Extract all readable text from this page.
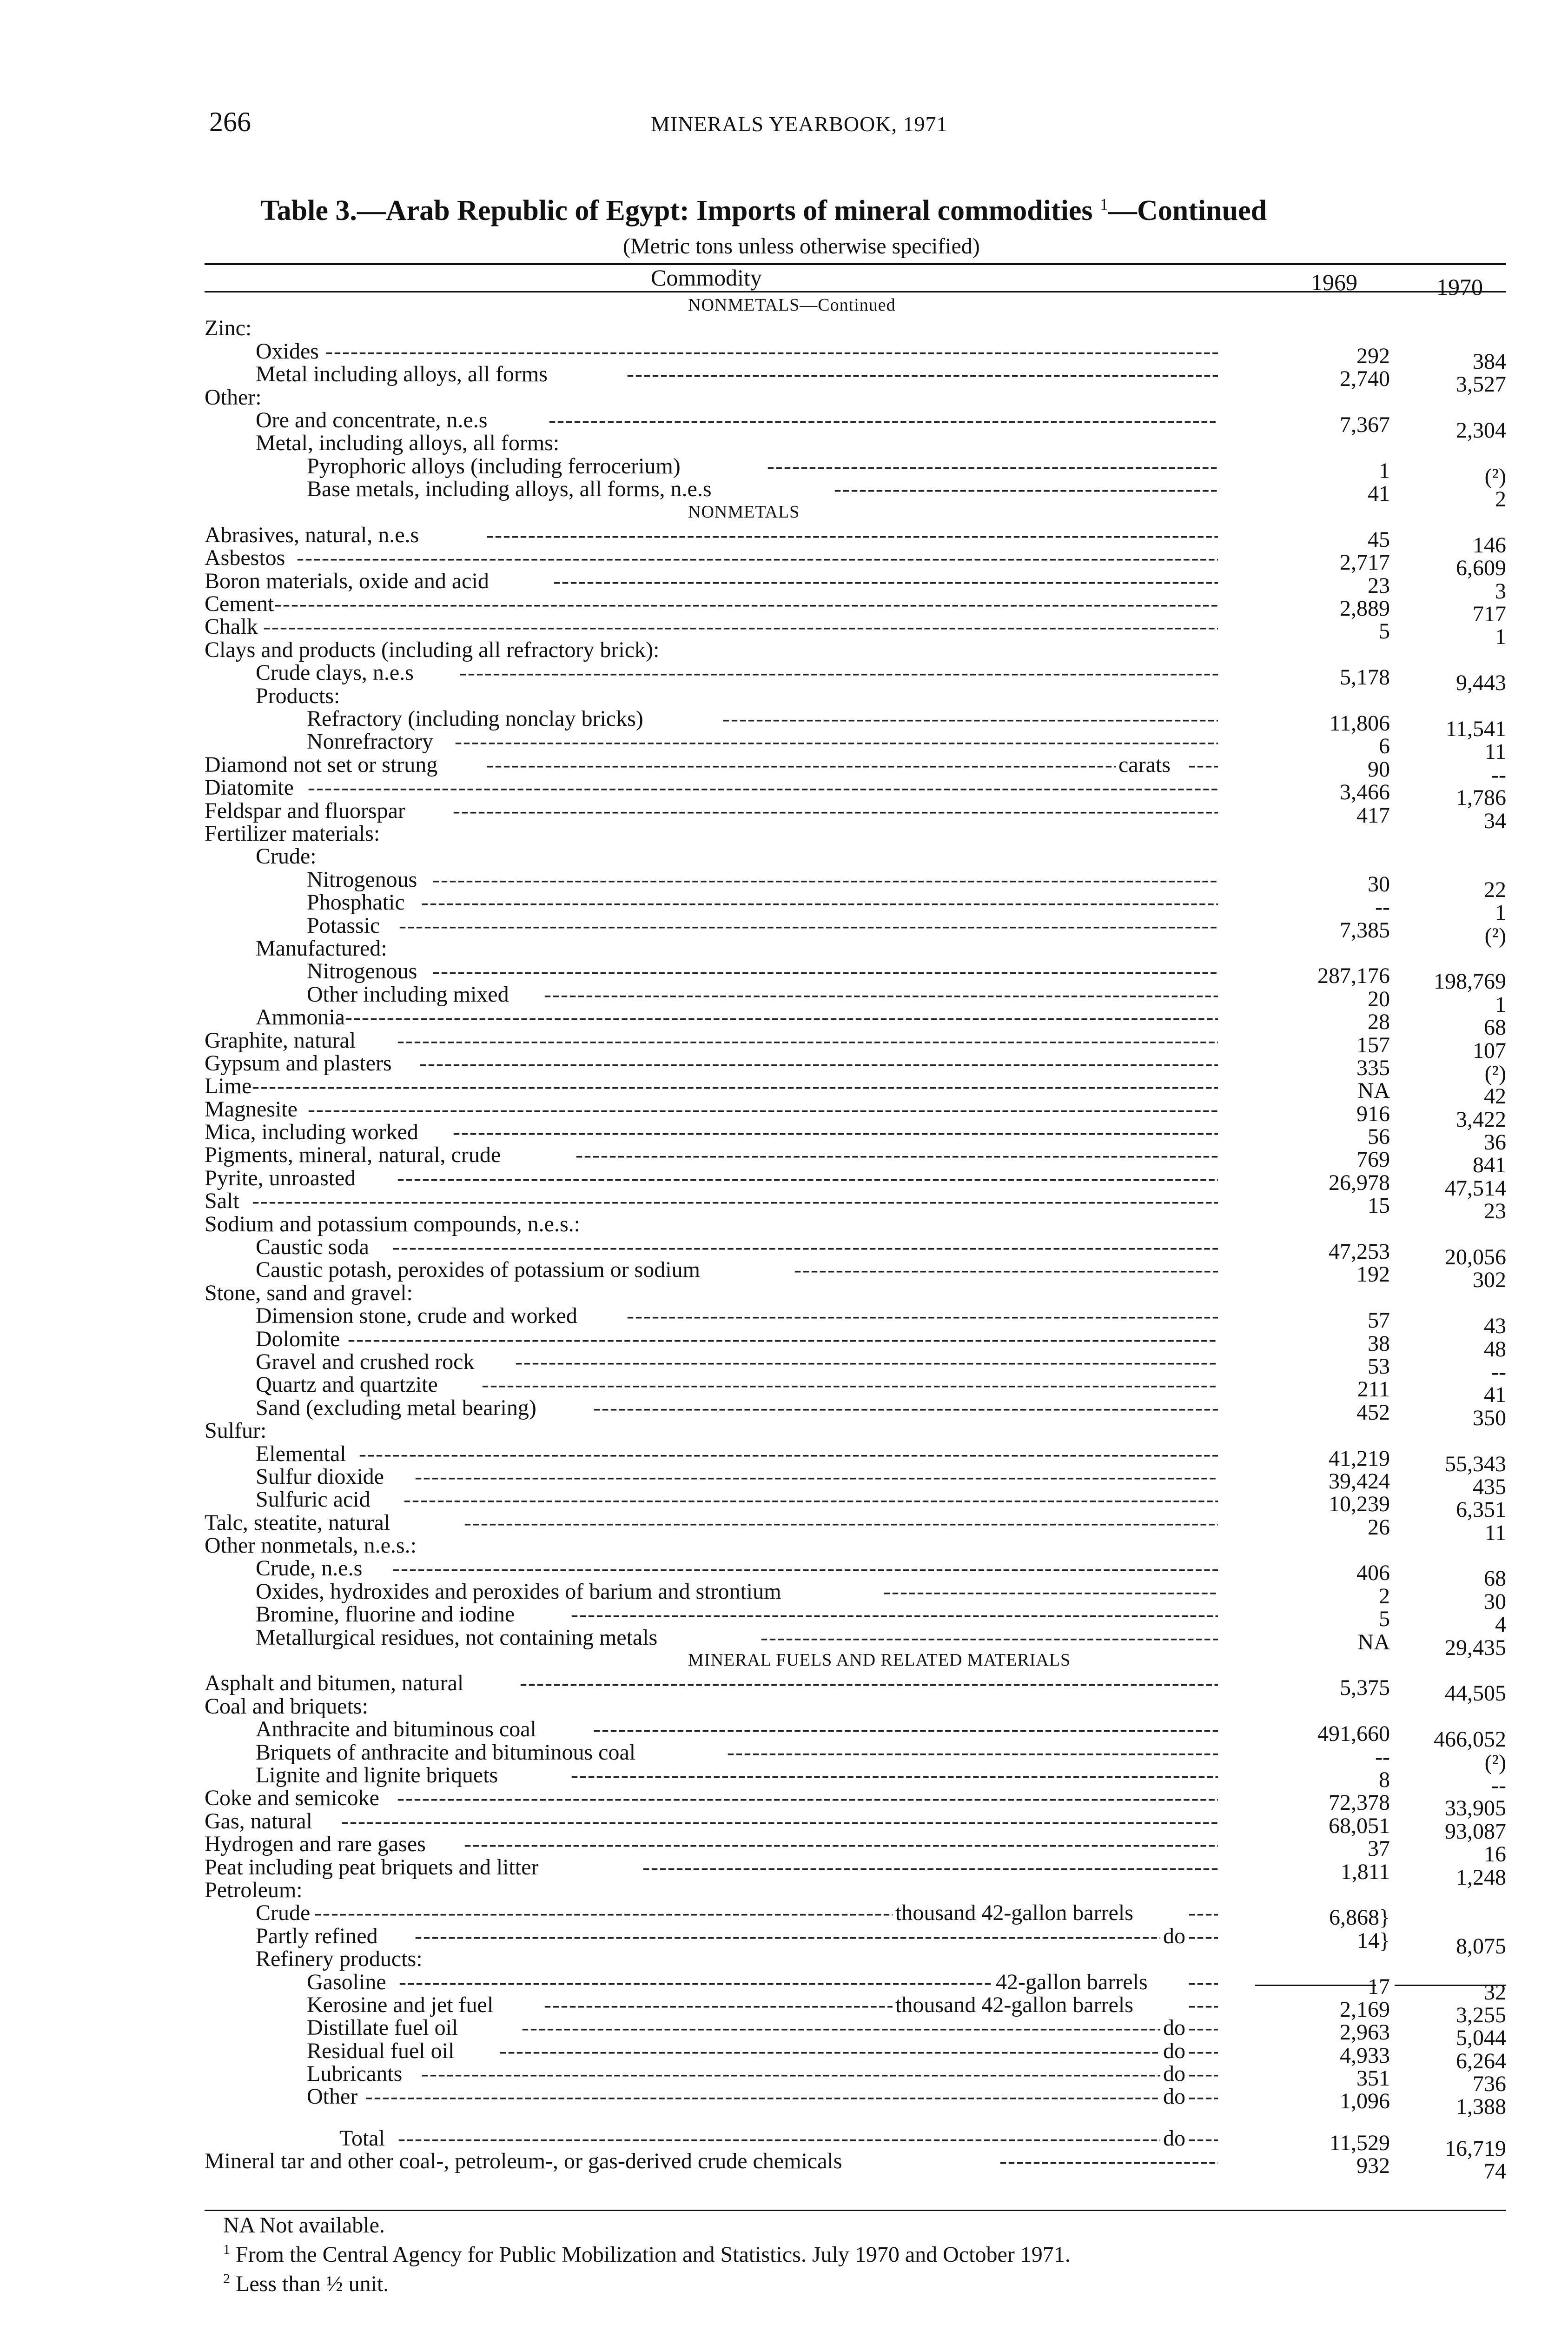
266	MINERALS YEARBOOK, 1971
Table 3.—Arab Republic of Egypt: Imports of mineral commodities $^1$—Continued
(Metric tons unless otherwise specified)
Commodity	1969	1970
NONMETALS—Continued
Zinc:
Oxides -----	292	384
Metal including alloys, all forms -----	2,740	3,527
Other:
Ore and concentrate, n.e.s -----	7,367	2,304
Metal, including alloys, all forms:
Pyrophoric alloys (including ferrocerium) -----	1	(²)
Base metals, including alloys, all forms, n.e.s -----	41	2
NONMETALS
Abrasives, natural, n.e.s -----	45	146
Asbestos -----	2,717	6,609
Boron materials, oxide and acid -----	23	3
Cement -----	2,889	717
Chalk -----	5	1
Clays and products (including all refractory brick):
Crude clays, n.e.s -----	5,178	9,443
Products:
Refractory (including nonclay bricks) -----	11,806	11,541
Nonrefractory -----	6	11
Diamond not set or strung	carats ----- -----	90	--
Diatomite -----	3,466	1,786
Feldspar and fluorspar -----	417	34
Fertilizer materials:
Crude:
Nitrogenous -----	30	22
Phosphatic -----	--	1
Potassic -----	7,385	(²)
Manufactured:
Nitrogenous -----	287,176	198,769
Other including mixed -----	20	1
Ammonia -----	28	68
Graphite, natural -----	157	107
Gypsum and plasters -----	335	(²)
Lime -----	NA	42
Magnesite -----	916	3,422
Mica, including worked -----	56	36
Pigments, mineral, natural, crude -----	769	841
Pyrite, unroasted -----	26,978	47,514
Salt -----	15	23
Sodium and potassium compounds, n.e.s.:
Caustic soda -----	47,253	20,056
Caustic potash, peroxides of potassium or sodium -----	192	302
Stone, sand and gravel:
Dimension stone, crude and worked -----	57	43
Dolomite -----	38	48
Gravel and crushed rock -----	53	--
Quartz and quartzite -----	211	41
Sand (excluding metal bearing) -----	452	350
Sulfur:
Elemental -----	41,219	55,343
Sulfur dioxide -----	39,424	435
Sulfuric acid -----	10,239	6,351
Talc, steatite, natural -----	26	11
Other nonmetals, n.e.s.:
Crude, n.e.s -----	406	68
Oxides, hydroxides and peroxides of barium and strontium -----	2	30
Bromine, fluorine and iodine -----	5	4
Metallurgical residues, not containing metals -----	NA	29,435
MINERAL FUELS AND RELATED MATERIALS
Asphalt and bitumen, natural -----	5,375	44,505
Coal and briquets:
Anthracite and bituminous coal -----	491,660	466,052
Briquets of anthracite and bituminous coal -----	--	(²)
Lignite and lignite briquets -----	8	--
Coke and semicoke -----	72,378	33,905
Gas, natural -----	68,051	93,087
Hydrogen and rare gases -----	37	16
Peat including peat briquets and litter -----	1,811	1,248
Petroleum:
Crude	thousand 42-gallon barrels ----- -----	6,868}
Partly refined	do ----- -----	14}	8,075
Refinery products:
Gasoline	42-gallon barrels ----- -----	17	32
Kerosine and jet fuel	thousand 42-gallon barrels ----- -----	2,169	3,255
Distillate fuel oil	do ----- -----	2,963	5,044
Residual fuel oil	do ----- -----	4,933	6,264
Lubricants	do ----- -----	351	736
Other	do ----- -----	1,096	1,388
Total	do ----- -----	11,529	16,719
Mineral tar and other coal-, petroleum-, or gas-derived crude chemicals -----	932	74
NA Not available.
$^1$ From the Central Agency for Public Mobilization and Statistics. July 1970 and October 1971.
$^2$ Less than ½ unit.
